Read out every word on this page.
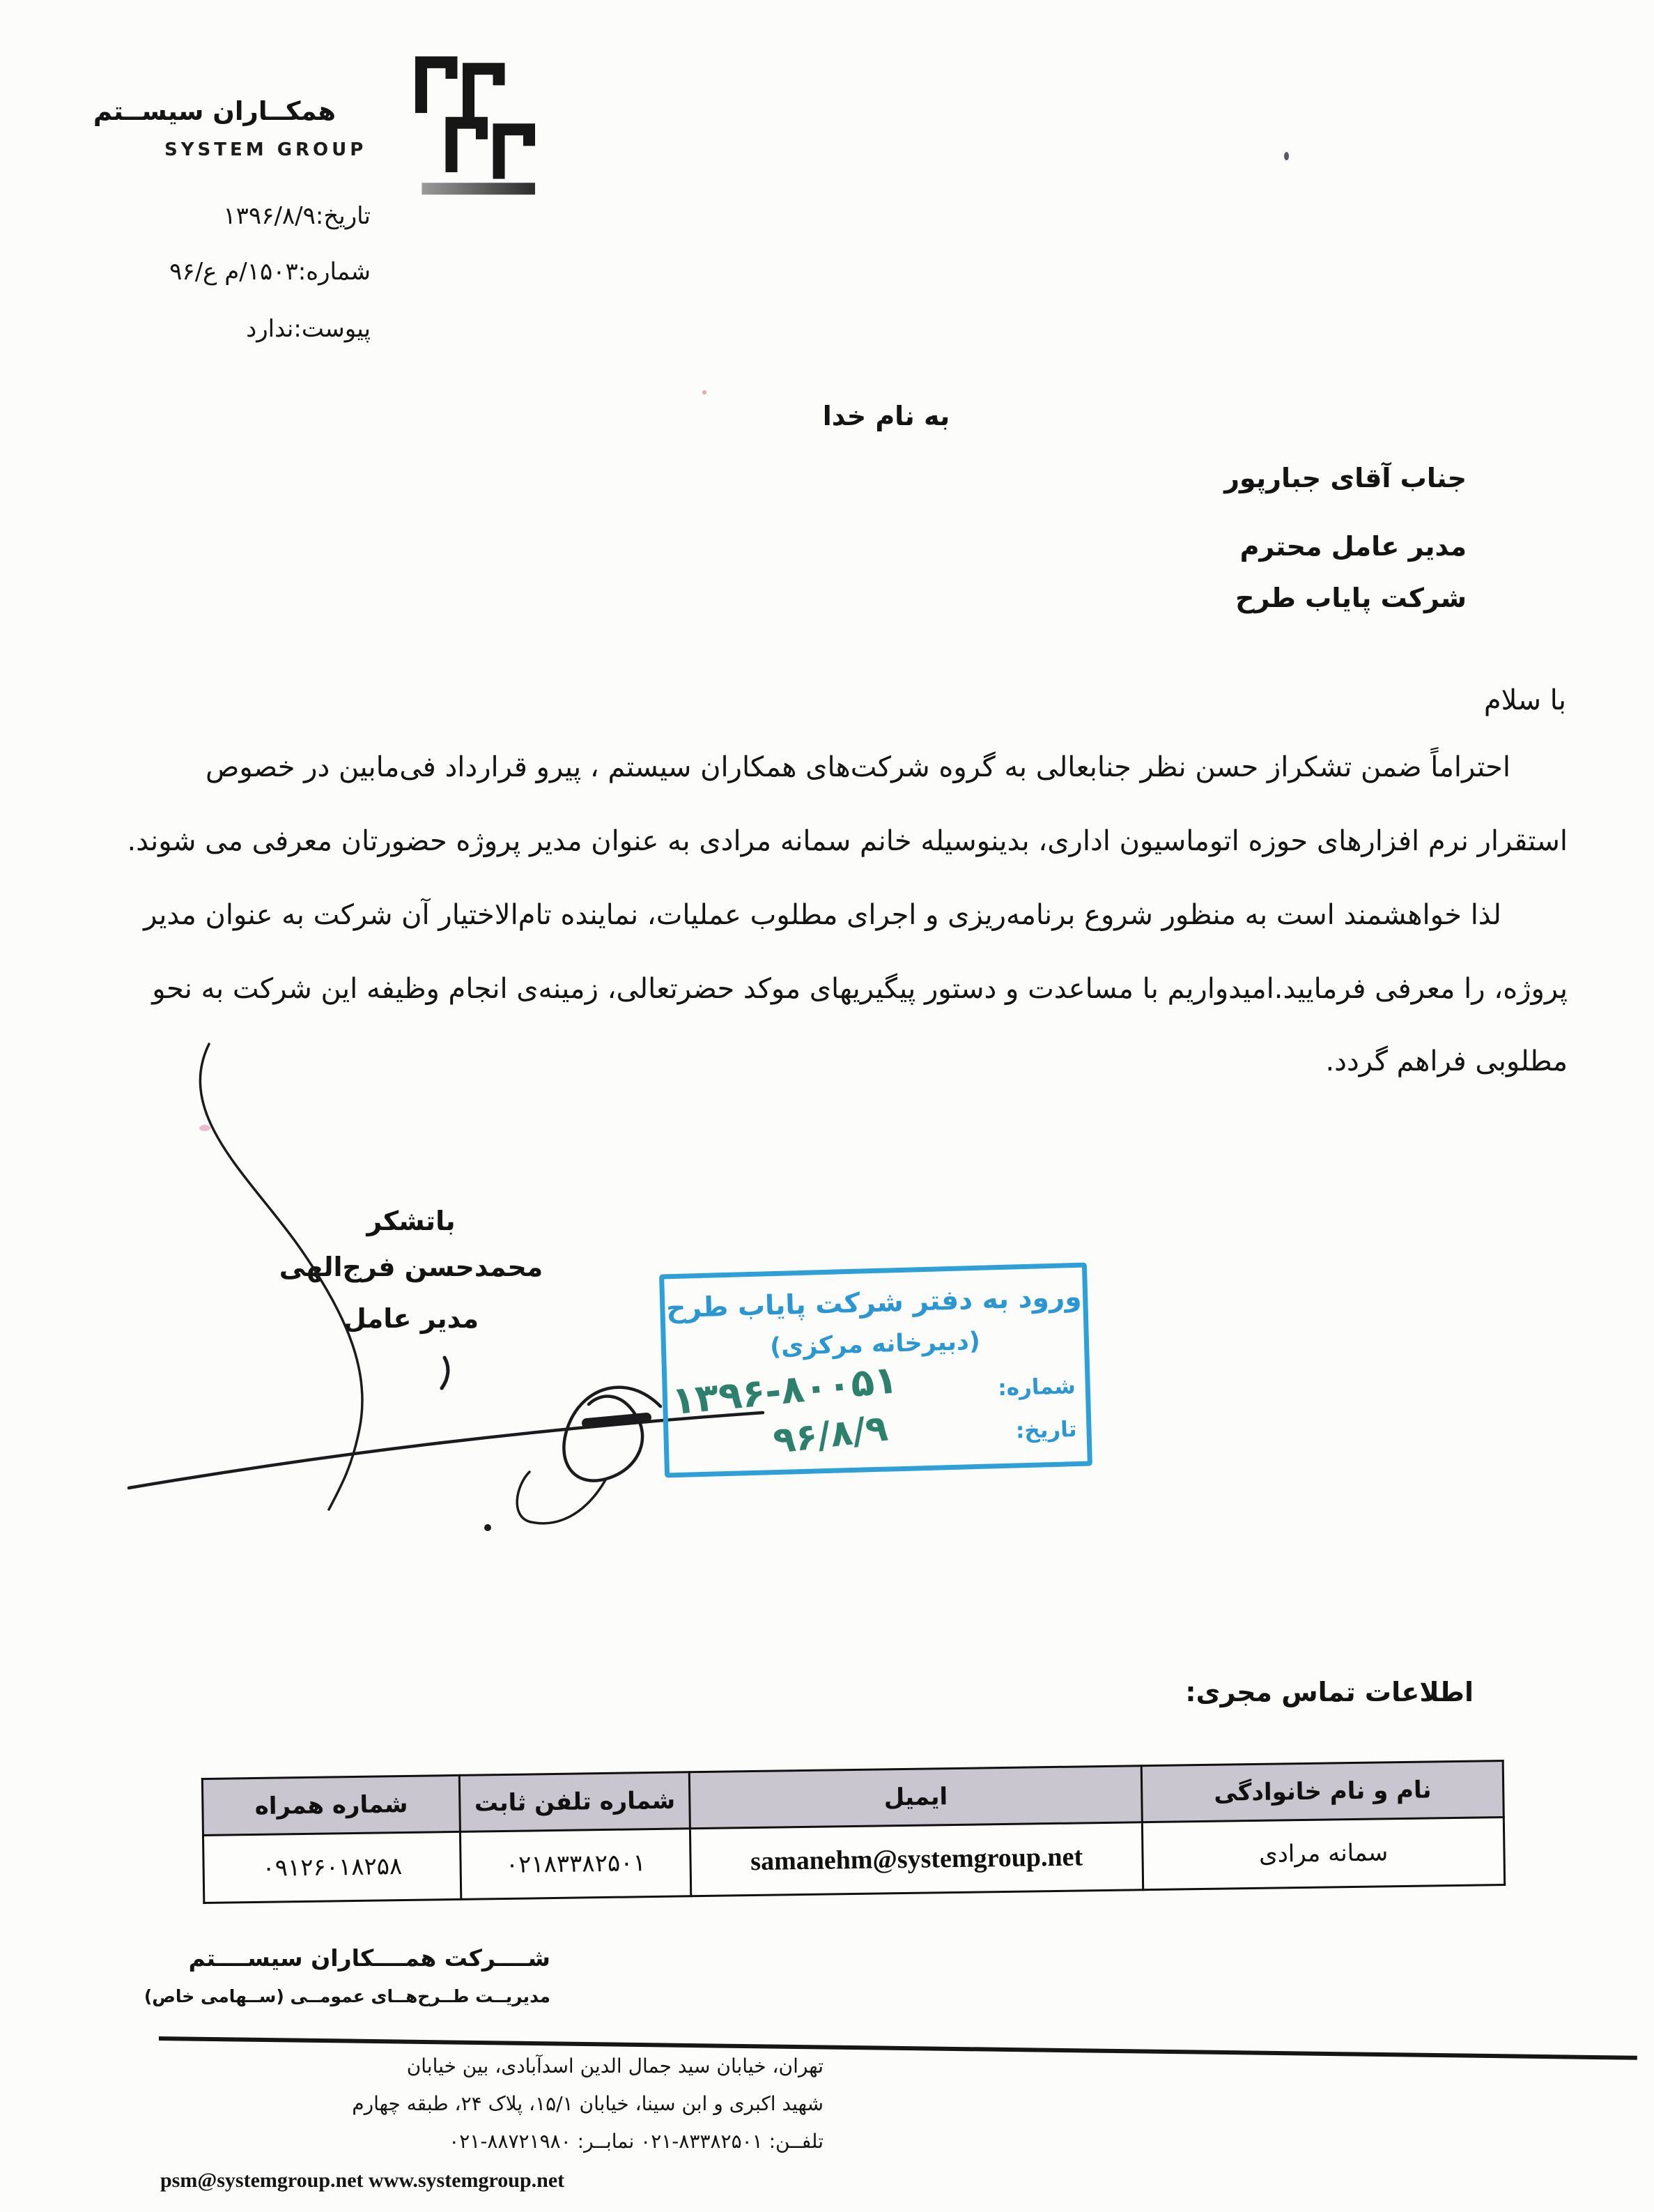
همکــاران سیســتم
SYSTEM GROUP
تاریخ:۱۳۹۶/۸/۹
شماره:۱۵۰۳/م ع/۹۶
پیوست:ندارد
به نام خدا
جناب آقای جبارپور
مدیر عامل محترم
شرکت پایاب طرح
با سلام
احتراماً ضمن تشکراز حسن نظر جنابعالی به گروه شرکت‌های همکاران سیستم ، پیرو قرارداد فی‌مابین در خصوص
استقرار نرم افزارهای حوزه اتوماسیون اداری، بدینوسیله خانم سمانه مرادی به عنوان مدیر پروژه حضورتان معرفی می شوند.
لذا خواهشمند است به منظور شروع برنامه‌ریزی و اجرای مطلوب عملیات، نماینده تام‌الاختیار آن شرکت به عنوان مدیر
پروژه، را معرفی فرمایید.امیدواریم با مساعدت و دستور پیگیریهای موکد حضرتعالی، زمینه‌ی انجام وظیفه این شرکت به نحو
مطلوبی فراهم گردد.
باتشکر
محمدحسن فرج‌الهی
مدیر عامل	ورود به دفتر شرکت پایاب طرح
(دبیرخانه مرکزی)
شماره:
تاریخ:
۱۳۹۶-۸۰۰۵۱
۹۶/۸/۹
اطلاعات تماس مجری:
نام و نام خانوادگی	ایمیل	شماره تلفن ثابت	شماره همراه
سمانه مرادی	samanehm@systemgroup.net	۰۲۱۸۳۳۸۲۵۰۱	۰۹۱۲۶۰۱۸۲۵۸
شــــرکت همــــکاران سیســــتم
مدیریــت طــرح‌هــای عمومــی (ســهامی خاص)
تهران، خیابان سید جمال الدین اسدآبادی، بین خیابان
شهید اکبری و ابن سینا، خیابان ۱۵/۱، پلاک ۲۴، طبقه چهارم
تلفــن: ۰۲۱-۸۳۳۸۲۵۰۱ نمابــر: ۰۲۱-۸۸۷۲۱۹۸۰
psm@systemgroup.net www.systemgroup.net
